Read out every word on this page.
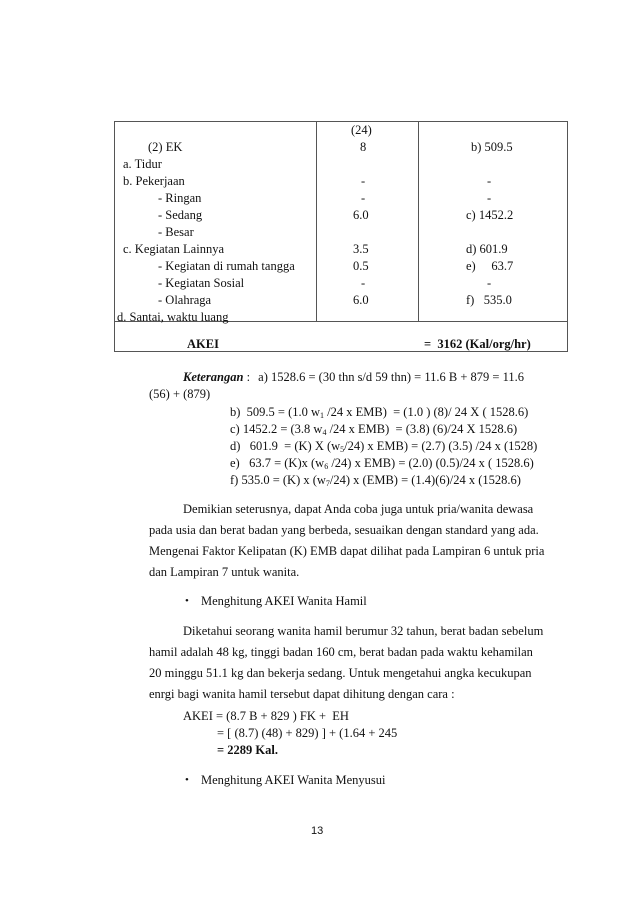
(2) EK
a. Tidur
b. Pekerjaan
- Ringan
- Sedang
- Besar
c. Kegiatan Lainnya
- Kegiatan di rumah tangga
- Kegiatan Sosial
- Olahraga
d. Santai, waktu luang
(24)
8
-
-
6.0
3.5
0.5
-
6.0
b) 509.5
-
-
c) 1452.2
d) 601.9
e)     63.7
-
f)   535.0
AKEI	=  3162 (Kal/org/hr)
Keterangan : a) 1528.6 = (30 thn s/d 59 thn) = 11.6 B + 879 = 11.6
(56) + (879)
b)  509.5 = (1.0 $w_1$ /24 x EMB)  = (1.0 ) (8)/ 24 X ( 1528.6)
c) 1452.2 = (3.8 $w_4$ /24 x EMB)  = (3.8) (6)/24 X 1528.6)
d)   601.9  = (K) X $(w_5/24)$ x EMB) = (2.7) (3.5) /24 x (1528)
e)   63.7 = (K)x ($w_6$ /24) x EMB) = (2.0) (0.5)/24 x ( 1528.6)
f) 535.0 = (K) x $(w_7/24)$ x (EMB) = (1.4)(6)/24 x (1528.6)
Demikian seterusnya, dapat Anda coba juga untuk pria/wanita dewasa
pada usia dan berat badan yang berbeda, sesuaikan dengan standard yang ada.
Mengenai Faktor Kelipatan (K) EMB dapat dilihat pada Lampiran 6 untuk pria
dan Lampiran 7 untuk wanita.
• Menghitung AKEI Wanita Hamil
Diketahui seorang wanita hamil berumur 32 tahun, berat badan sebelum
hamil adalah 48 kg, tinggi badan 160 cm, berat badan pada waktu kehamilan
20 minggu 51.1 kg dan bekerja sedang. Untuk mengetahui angka kecukupan
enrgi bagi wanita hamil tersebut dapat dihitung dengan cara :
AKEI = (8.7 B + 829 ) FK +  EH
= [ (8.7) (48) + 829) ] + (1.64 + 245
= 2289 Kal.
• Menghitung AKEI Wanita Menyusui
13
